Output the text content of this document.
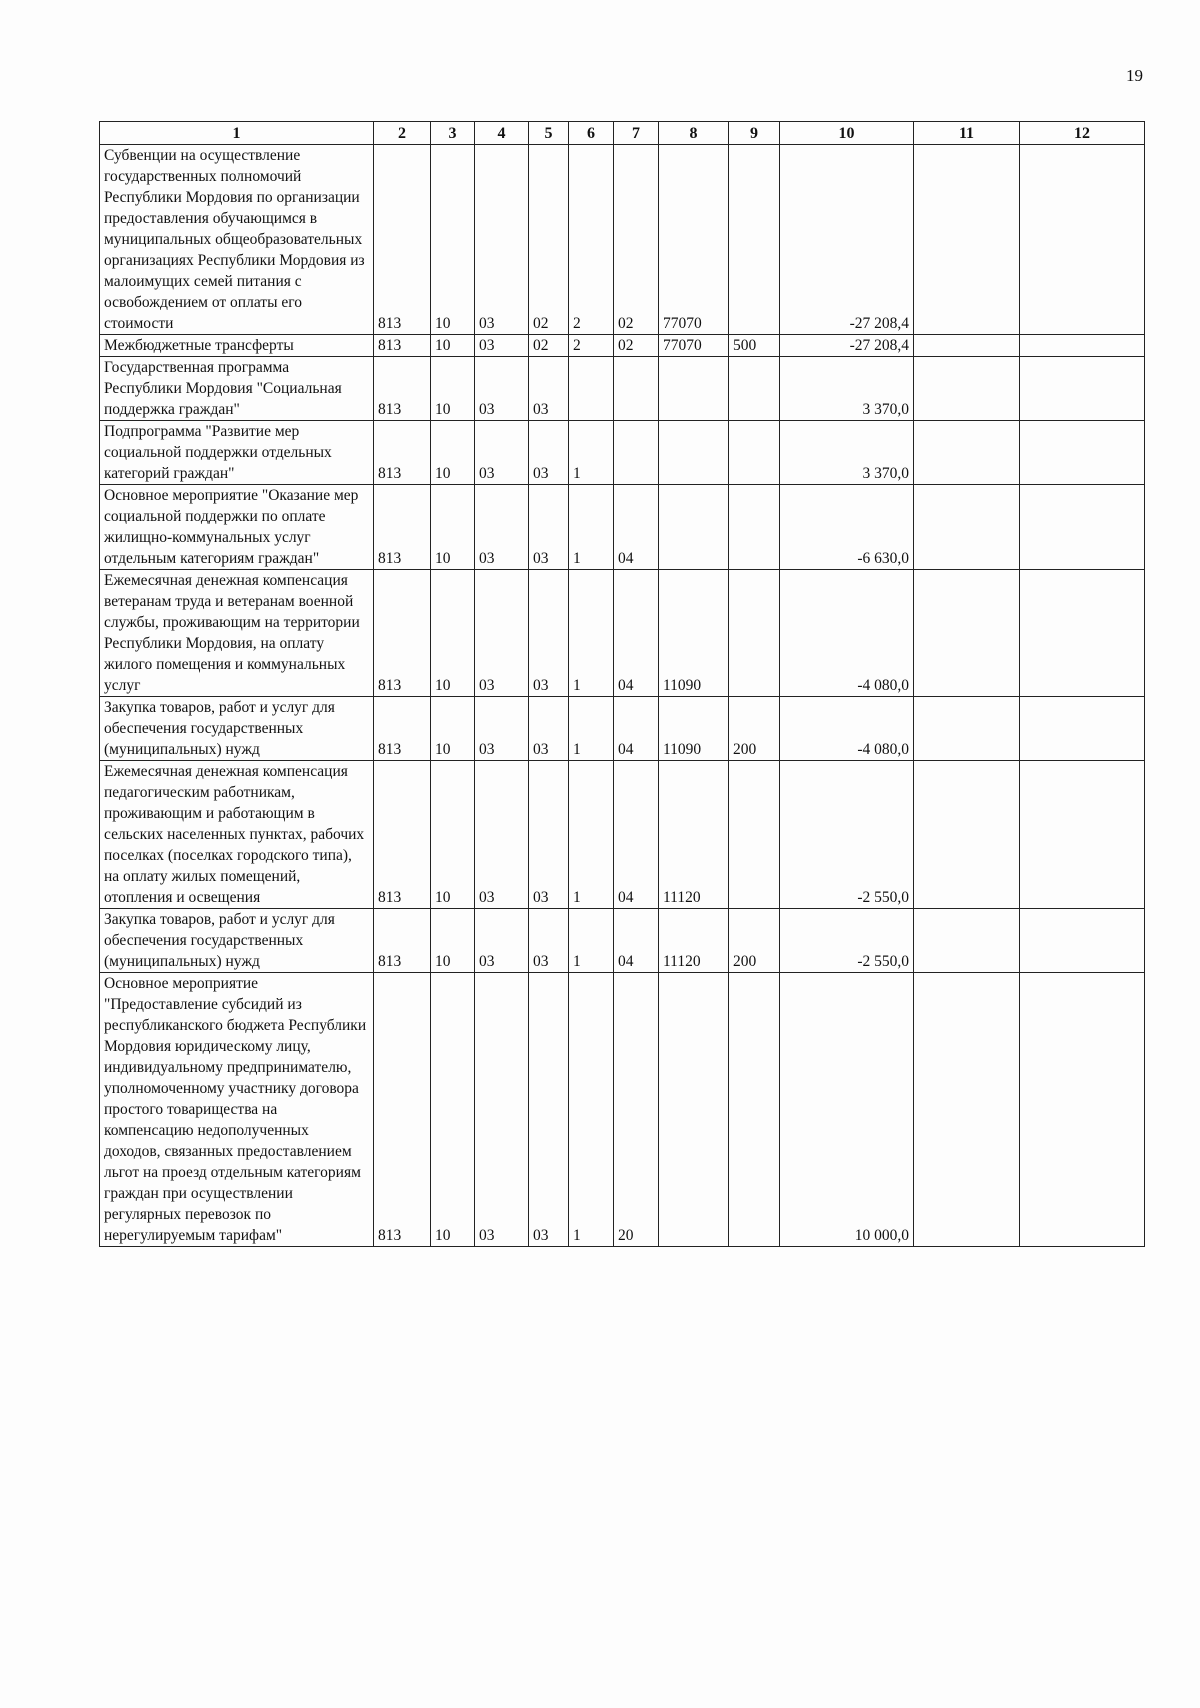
19
1	2	3	4	5	6	7	8	9	10	11	12
Субвенции на осуществление государственных полномочий Республики Мордовия по организации предоставления обучающимся в муниципальных общеобразовательных организациях Республики Мордовия из малоимущих семей питания с освобождением от оплаты его стоимости	813	10	03	02	2	02	77070		-27 208,4		
Межбюджетные трансферты	813	10	03	02	2	02	77070	500	-27 208,4		
Государственная программа Республики Мордовия "Социальная поддержка граждан"	813	10	03	03					3 370,0		
Подпрограмма "Развитие мер социальной поддержки отдельных категорий граждан"	813	10	03	03	1				3 370,0		
Основное мероприятие "Оказание мер социальной поддержки по оплате жилищно-коммунальных услуг отдельным категориям граждан"	813	10	03	03	1	04			-6 630,0		
Ежемесячная денежная компенсация ветеранам труда и ветеранам военной службы, проживающим на территории Республики Мордовия, на оплату жилого помещения и коммунальных услуг	813	10	03	03	1	04	11090		-4 080,0		
Закупка товаров, работ и услуг для обеспечения государственных (муниципальных) нужд	813	10	03	03	1	04	11090	200	-4 080,0		
Ежемесячная денежная компенсация педагогическим работникам, проживающим и работающим в сельских населенных пунктах, рабочих поселках (поселках городского типа), на оплату жилых помещений, отопления и освещения	813	10	03	03	1	04	11120		-2 550,0		
Закупка товаров, работ и услуг для обеспечения государственных (муниципальных) нужд	813	10	03	03	1	04	11120	200	-2 550,0		
Основное мероприятие "Предоставление субсидий из республиканского бюджета Республики Мордовия юридическому лицу, индивидуальному предпринимателю, уполномоченному участнику договора простого товарищества на компенсацию недополученных доходов, связанных предоставлением льгот на проезд отдельным категориям граждан при осуществлении регулярных перевозок по нерегулируемым тарифам"	813	10	03	03	1	20			10 000,0		
